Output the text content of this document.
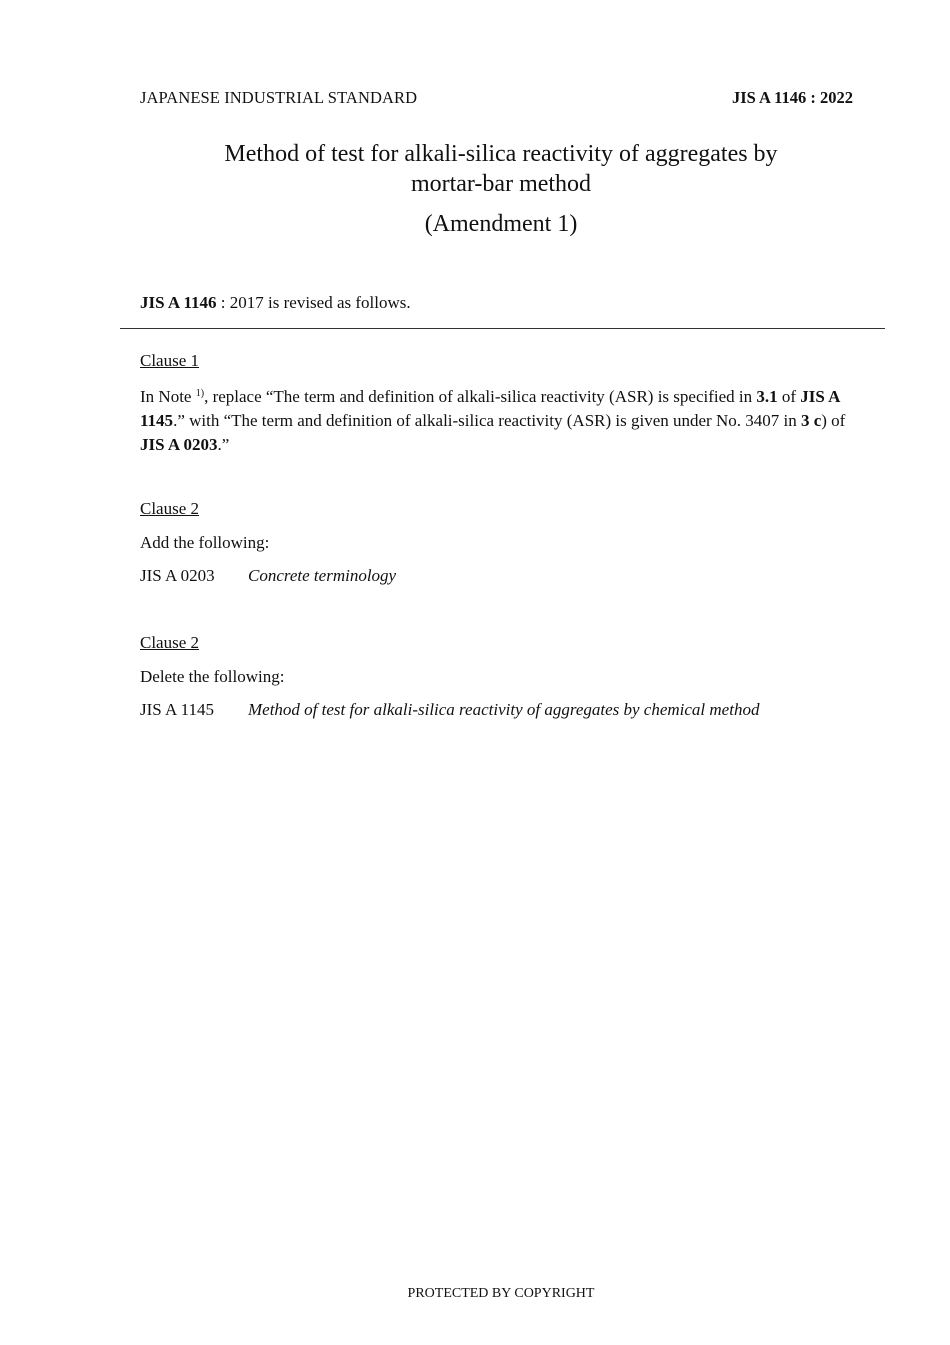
JAPANESE INDUSTRIAL STANDARD	JIS A 1146 : 2022
Method of test for alkali-silica reactivity of aggregates by
mortar-bar method
(Amendment 1)
JIS A 1146 : 2017 is revised as follows.
Clause 1
In Note $^{1)}$, replace “The term and definition of alkali-silica reactivity (ASR) is specified in 3.1 of JIS A 1145.” with “The term and definition of alkali-silica reactivity (ASR) is given under No. 3407 in 3 c) of JIS A 0203.”
Clause 2
Add the following:
JIS A 0203 Concrete terminology
Clause 2
Delete the following:
JIS A 1145 Method of test for alkali-silica reactivity of aggregates by chemical method
PROTECTED BY COPYRIGHT
